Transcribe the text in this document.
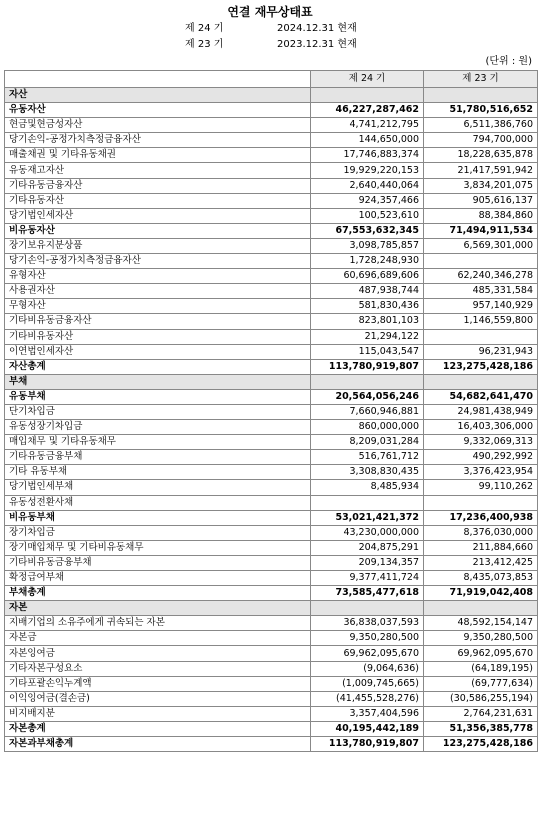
연결 재무상태표
제 24 기	2024.12.31 현재
제 23 기	2023.12.31 현재
(단위 : 원)
	제 24 기	제 23 기
자산		
유동자산	46,227,287,462	51,780,516,652
현금및현금성자산	4,741,212,795	6,511,386,760
당기손익-공정가치측정금융자산	144,650,000	794,700,000
매출채권 및 기타유동채권	17,746,883,374	18,228,635,878
유동재고자산	19,929,220,153	21,417,591,942
기타유동금융자산	2,640,440,064	3,834,201,075
기타유동자산	924,357,466	905,616,137
당기법인세자산	100,523,610	88,384,860
비유동자산	67,553,632,345	71,494,911,534
장기보유지분상품	3,098,785,857	6,569,301,000
당기손익-공정가치측정금융자산	1,728,248,930	
유형자산	60,696,689,606	62,240,346,278
사용권자산	487,938,744	485,331,584
무형자산	581,830,436	957,140,929
기타비유동금융자산	823,801,103	1,146,559,800
기타비유동자산	21,294,122	
이연법인세자산	115,043,547	96,231,943
자산총계	113,780,919,807	123,275,428,186
부채		
유동부채	20,564,056,246	54,682,641,470
단기차입금	7,660,946,881	24,981,438,949
유동성장기차입금	860,000,000	16,403,306,000
매입채무 및 기타유동채무	8,209,031,284	9,332,069,313
기타유동금융부채	516,761,712	490,292,992
기타 유동부채	3,308,830,435	3,376,423,954
당기법인세부채	8,485,934	99,110,262
유동성전환사채		
비유동부채	53,021,421,372	17,236,400,938
장기차입금	43,230,000,000	8,376,030,000
장기매입채무 및 기타비유동채무	204,875,291	211,884,660
기타비유동금융부채	209,134,357	213,412,425
확정급여부채	9,377,411,724	8,435,073,853
부채총계	73,585,477,618	71,919,042,408
자본		
지배기업의 소유주에게 귀속되는 자본	36,838,037,593	48,592,154,147
자본금	9,350,280,500	9,350,280,500
자본잉여금	69,962,095,670	69,962,095,670
기타자본구성요소	(9,064,636)	(64,189,195)
기타포괄손익누계액	(1,009,745,665)	(69,777,634)
이익잉여금(결손금)	(41,455,528,276)	(30,586,255,194)
비지배지분	3,357,404,596	2,764,231,631
자본총계	40,195,442,189	51,356,385,778
자본과부채총계	113,780,919,807	123,275,428,186
